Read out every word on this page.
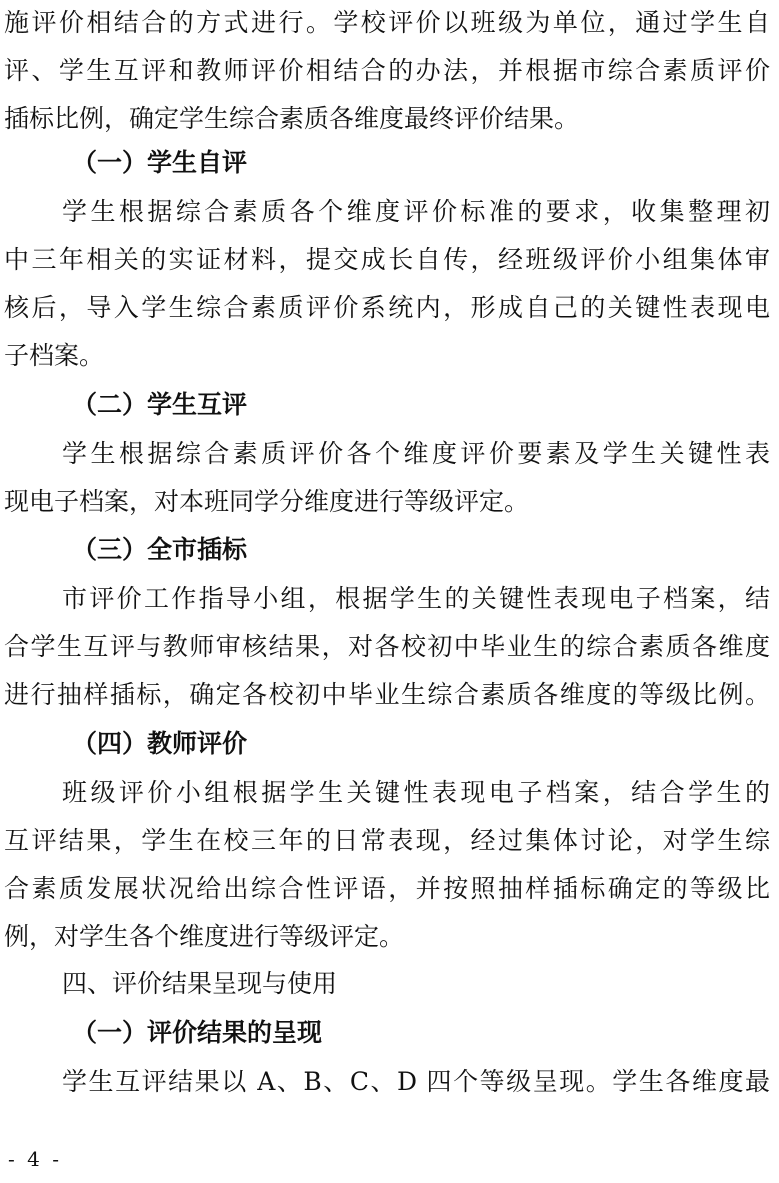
施评价相结合的方式进行。学校评价以班级为单位，通过学生自
评、学生互评和教师评价相结合的办法，并根据市综合素质评价
插标比例，确定学生综合素质各维度最终评价结果。
（一）学生自评
学生根据综合素质各个维度评价标准的要求，收集整理初
中三年相关的实证材料，提交成长自传，经班级评价小组集体审
核后，导入学生综合素质评价系统内，形成自己的关键性表现电
子档案。
（二）学生互评
学生根据综合素质评价各个维度评价要素及学生关键性表
现电子档案，对本班同学分维度进行等级评定。
（三）全市插标
市评价工作指导小组，根据学生的关键性表现电子档案，结
合学生互评与教师审核结果，对各校初中毕业生的综合素质各维度
进行抽样插标，确定各校初中毕业生综合素质各维度的等级比例。
（四）教师评价
班级评价小组根据学生关键性表现电子档案，结合学生的
互评结果，学生在校三年的日常表现，经过集体讨论，对学生综
合素质发展状况给出综合性评语，并按照抽样插标确定的等级比
例，对学生各个维度进行等级评定。
四、评价结果呈现与使用
（一）评价结果的呈现
学生互评结果以 A、B、C、D 四个等级呈现。学生各维度最
- 4 -
